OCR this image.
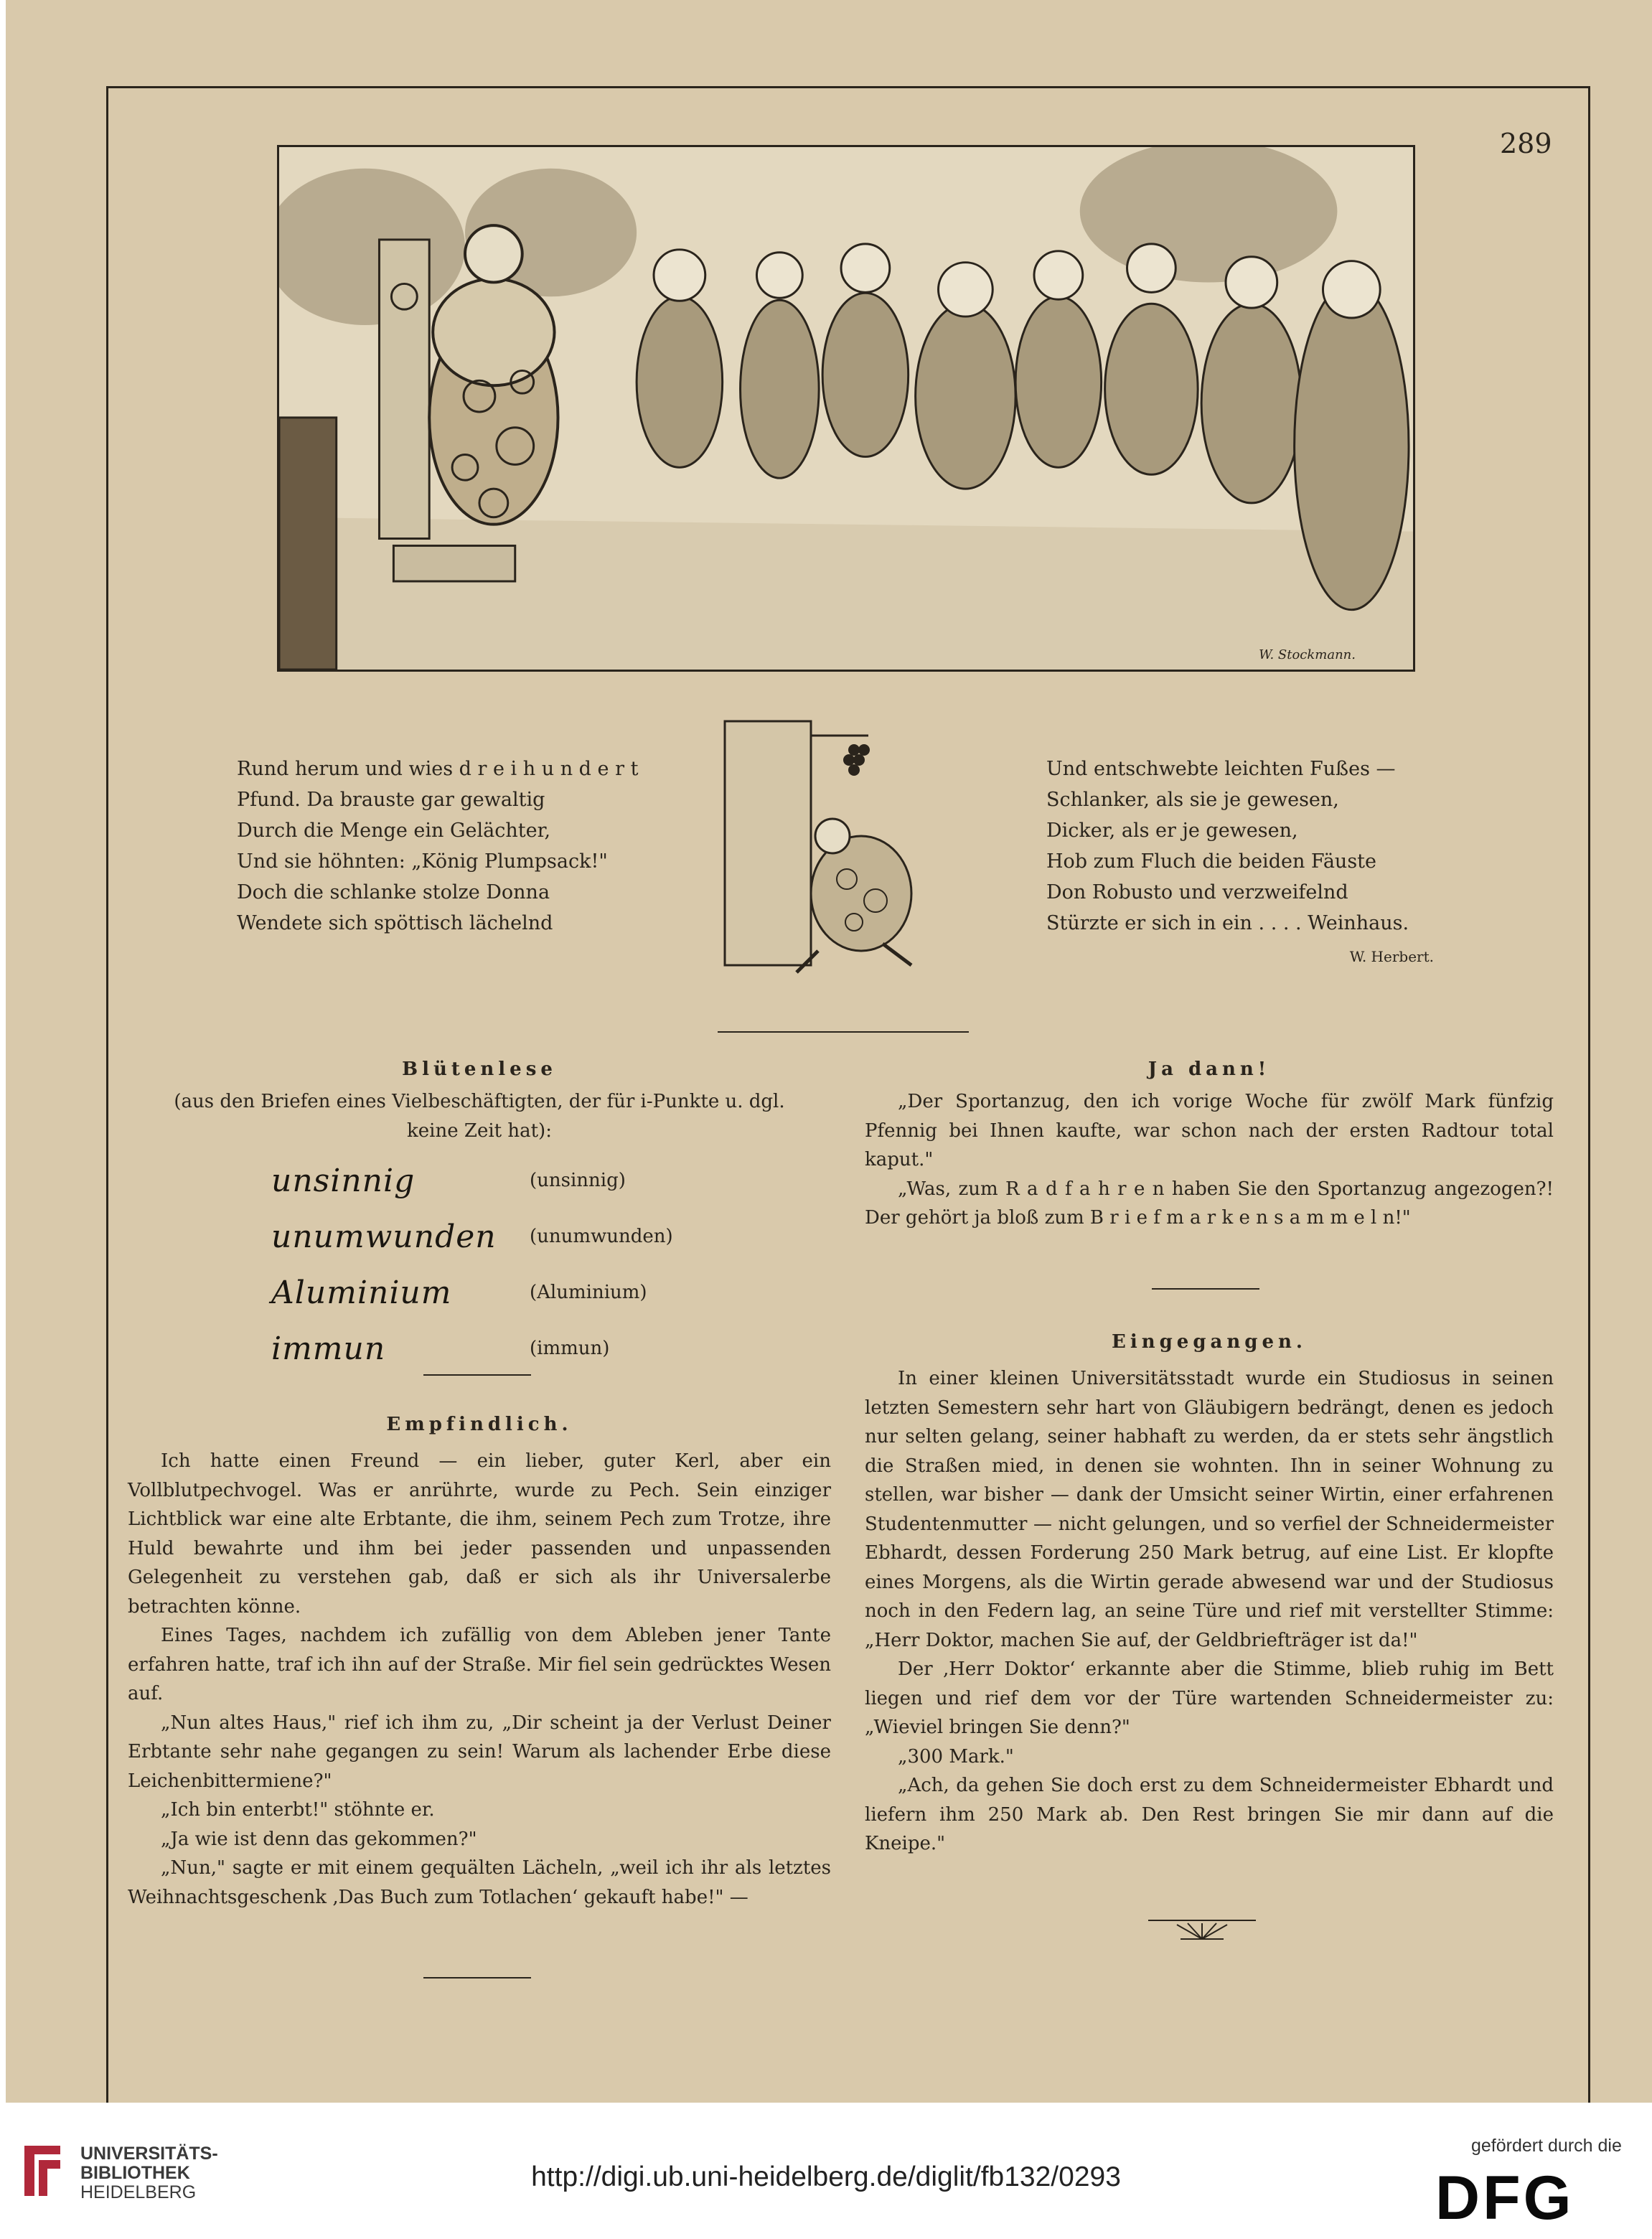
289
W. Stockmann.
Rund herum und wies d r e i h u n d e r t
Pfund. Da brauste gar gewaltig
Durch die Menge ein Gelächter,
Und sie höhnten: „König Plumpsack!"
Doch die schlanke stolze Donna
Wendete sich spöttisch lächelnd
Und entschwebte leichten Fußes —
Schlanker, als sie je gewesen,
Dicker, als er je gewesen,
Hob zum Fluch die beiden Fäuste
Don Robusto und verzweifelnd
Stürzte er sich in ein . . . . Weinhaus.
W. Herbert.
Blütenlese

(aus den Briefen eines Vielbeschäftigten, der für i-Punkte u. dgl. keine Zeit hat):

unsinnig	(unsinnig)
unumwunden	(unumwunden)
Aluminium	(Aluminium)
immun	(immun)
Empfindlich.

Ich hatte einen Freund — ein lieber, guter Kerl, aber ein Vollblutpechvogel. Was er anrührte, wurde zu Pech. Sein einziger Lichtblick war eine alte Erbtante, die ihm, seinem Pech zum Trotze, ihre Huld bewahrte und ihm bei jeder passenden und unpassenden Gelegenheit zu verstehen gab, daß er sich als ihr Universalerbe betrachten könne.

Eines Tages, nachdem ich zufällig von dem Ableben jener Tante erfahren hatte, traf ich ihn auf der Straße. Mir fiel sein gedrücktes Wesen auf.

„Nun altes Haus," rief ich ihm zu, „Dir scheint ja der Verlust Deiner Erbtante sehr nahe gegangen zu sein! Warum als lachender Erbe diese Leichenbittermiene?"

„Ich bin enterbt!" stöhnte er.

„Ja wie ist denn das gekommen?"

„Nun," sagte er mit einem gequälten Lächeln, „weil ich ihr als letztes Weihnachtsgeschenk ‚Das Buch zum Totlachen‘ gekauft habe!" —

Ja dann!

„Der Sportanzug, den ich vorige Woche für zwölf Mark fünfzig Pfennig bei Ihnen kaufte, war schon nach der ersten Radtour total kaput."

„Was, zum R a d f a h r e n haben Sie den Sportanzug angezogen?! Der gehört ja bloß zum B r i e f m a r k e n s a m m e l n!"

Eingegangen.

In einer kleinen Universitätsstadt wurde ein Studiosus in seinen letzten Semestern sehr hart von Gläubigern bedrängt, denen es jedoch nur selten gelang, seiner habhaft zu werden, da er stets sehr ängstlich die Straßen mied, in denen sie wohnten. Ihn in seiner Wohnung zu stellen, war bisher — dank der Umsicht seiner Wirtin, einer erfahrenen Studentenmutter — nicht gelungen, und so verfiel der Schneidermeister Ebhardt, dessen Forderung 250 Mark betrug, auf eine List. Er klopfte eines Morgens, als die Wirtin gerade abwesend war und der Studiosus noch in den Federn lag, an seine Türe und rief mit verstellter Stimme: „Herr Doktor, machen Sie auf, der Geldbriefträger ist da!"

Der ‚Herr Doktor‘ erkannte aber die Stimme, blieb ruhig im Bett liegen und rief dem vor der Türe wartenden Schneidermeister zu: „Wieviel bringen Sie denn?"

„300 Mark."

„Ach, da gehen Sie doch erst zu dem Schneidermeister Ebhardt und liefern ihm 250 Mark ab. Den Rest bringen Sie mir dann auf die Kneipe."

UNIVERSITÄTS-
BIBLIOTHEK
HEIDELBERG	http://digi.ub.uni-heidelberg.de/diglit/fb132/0293
gefördert durch die
DFG
